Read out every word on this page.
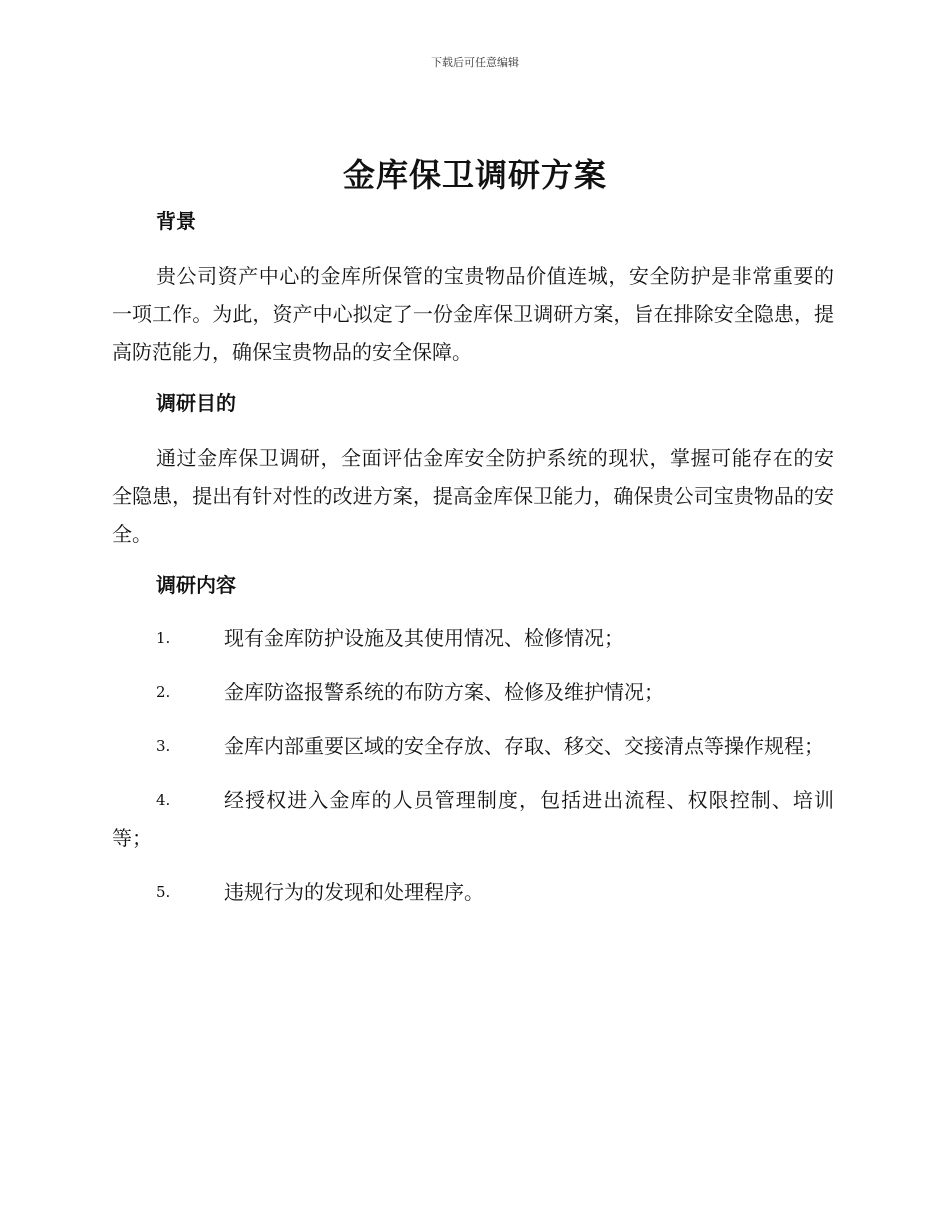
下载后可任意编辑
金库保卫调研方案
背景

贵公司资产中心的金库所保管的宝贵物品价值连城，安全防护是非常重要的一项工作。为此，资产中心拟定了一份金库保卫调研方案，旨在排除安全隐患，提高防范能力，确保宝贵物品的安全保障。

调研目的

通过金库保卫调研，全面评估金库安全防护系统的现状，掌握可能存在的安全隐患，提出有针对性的改进方案，提高金库保卫能力，确保贵公司宝贵物品的安全。

调研内容
1.	现有金库防护设施及其使用情况、检修情况；
2.	金库防盗报警系统的布防方案、检修及维护情况；
3.	金库内部重要区域的安全存放、存取、移交、交接清点等操作规程；
4.	经授权进入金库的人员管理制度，包括进出流程、权限控制、培训等；
5.	违规行为的发现和处理程序。
